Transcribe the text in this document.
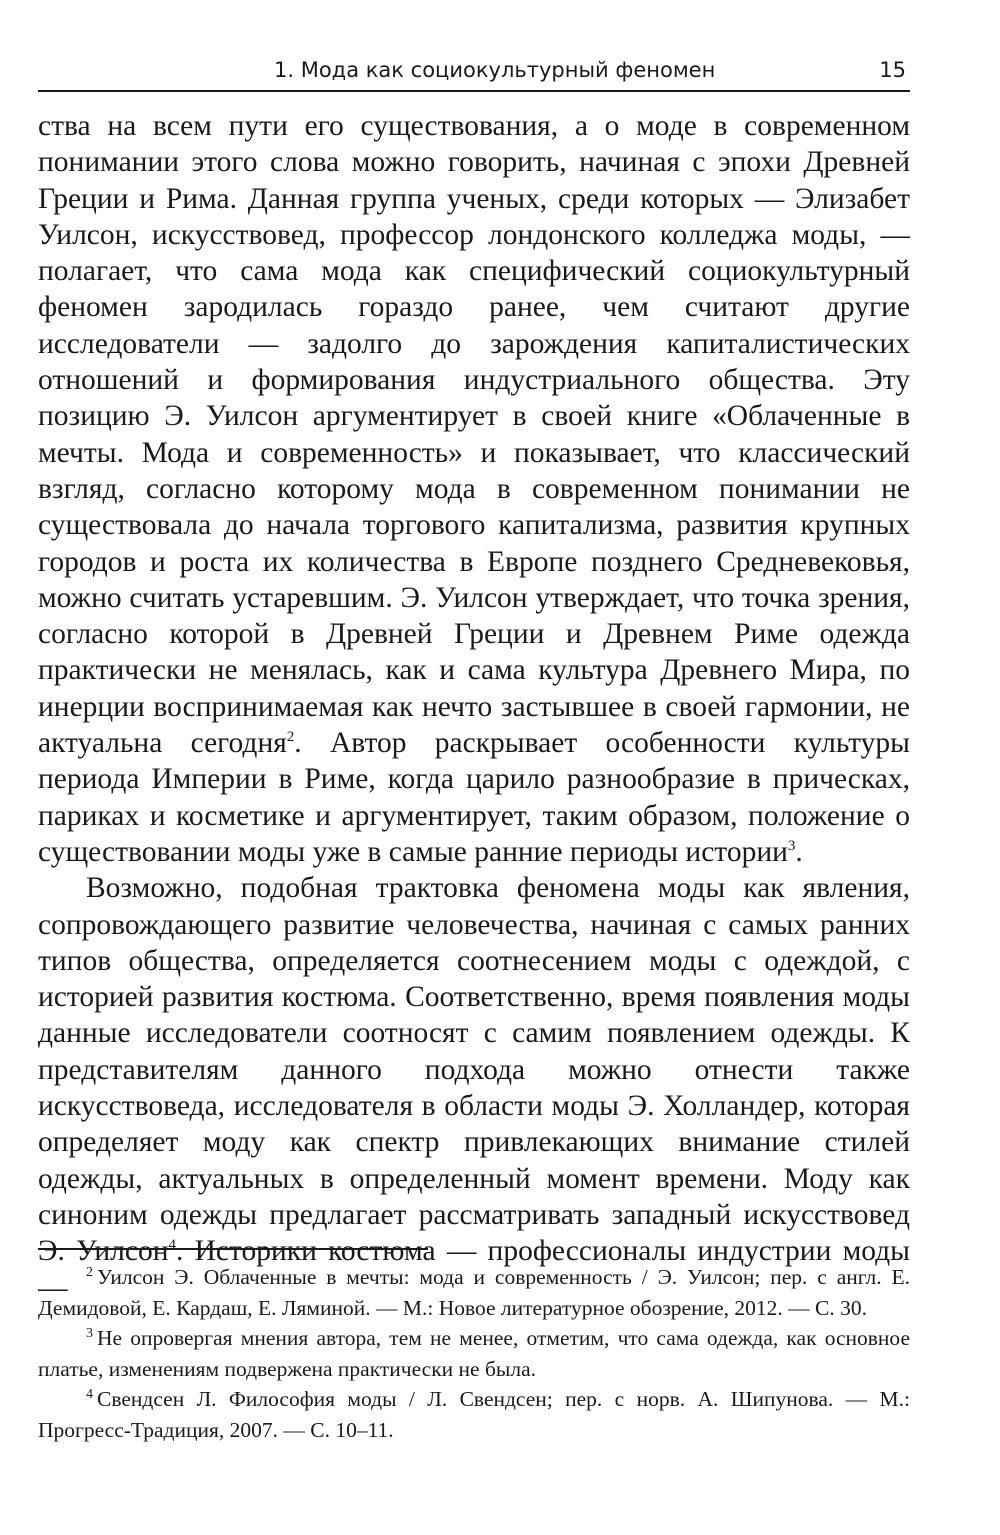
1. Мода как социокультурный феномен	15

ства на всем пути его существования, а о моде в современном понимании этого слова можно говорить, начиная с эпохи Древней Греции и Рима. Данная группа ученых, среди которых — Элизабет Уилсон, искусствовед, профессор лондонского колледжа моды, — полагает, что сама мода как специфический социокультурный феномен зародилась гораздо ранее, чем считают другие исследователи — задолго до зарождения капиталистических отношений и формирования индустриального общества. Эту позицию Э. Уилсон аргументирует в своей книге «Облаченные в мечты. Мода и современность» и показывает, что классический взгляд, согласно которому мода в современном понимании не существовала до начала торгового капитализма, развития крупных городов и роста их количества в Европе позднего Средневековья, можно считать устаревшим. Э. Уилсон утверждает, что точка зрения, согласно которой в Древней Греции и Древнем Риме одежда практически не менялась, как и сама культура Древнего Мира, по инерции воспринимаемая как нечто застывшее в своей гармонии, не актуальна сегодня$^2$. Автор раскрывает особенности культуры периода Империи в Риме, когда царило разнообразие в прическах, париках и косметике и аргументирует, таким образом, положение о существовании моды уже в самые ранние периоды истории$^3$.

Возможно, подобная трактовка феномена моды как явления, сопровождающего развитие человечества, начиная с самых ранних типов общества, определяется соотнесением моды с одеждой, с историей развития костюма. Соответственно, время появления моды данные исследователи соотносят с самим появлением одежды. К представителям данного подхода можно отнести также искусствоведа, исследователя в области моды Э. Холландер, которая определяет моду как спектр привлекающих внимание стилей одежды, актуальных в определенный момент времени. Моду как синоним одежды предлагает рассматривать западный искусствовед Э. Уилсон$^4$. Историки костюма — профессионалы индустрии моды —	$^2$ Уилсон Э. Облаченные в мечты: мода и современность / Э. Уилсон; пер. с англ. Е. Демидовой, Е. Кардаш, Е. Ляминой. — М.: Новое литературное обозрение, 2012. — С. 30.

$^3$ Не опровергая мнения автора, тем не менее, отметим, что сама одежда, как основное платье, изменениям подвержена практически не была.

$^4$ Свендсен Л. Философия моды / Л. Свендсен; пер. с норв. А. Шипунова. — М.: Прогресс-Традиция, 2007. — С. 10–11.
